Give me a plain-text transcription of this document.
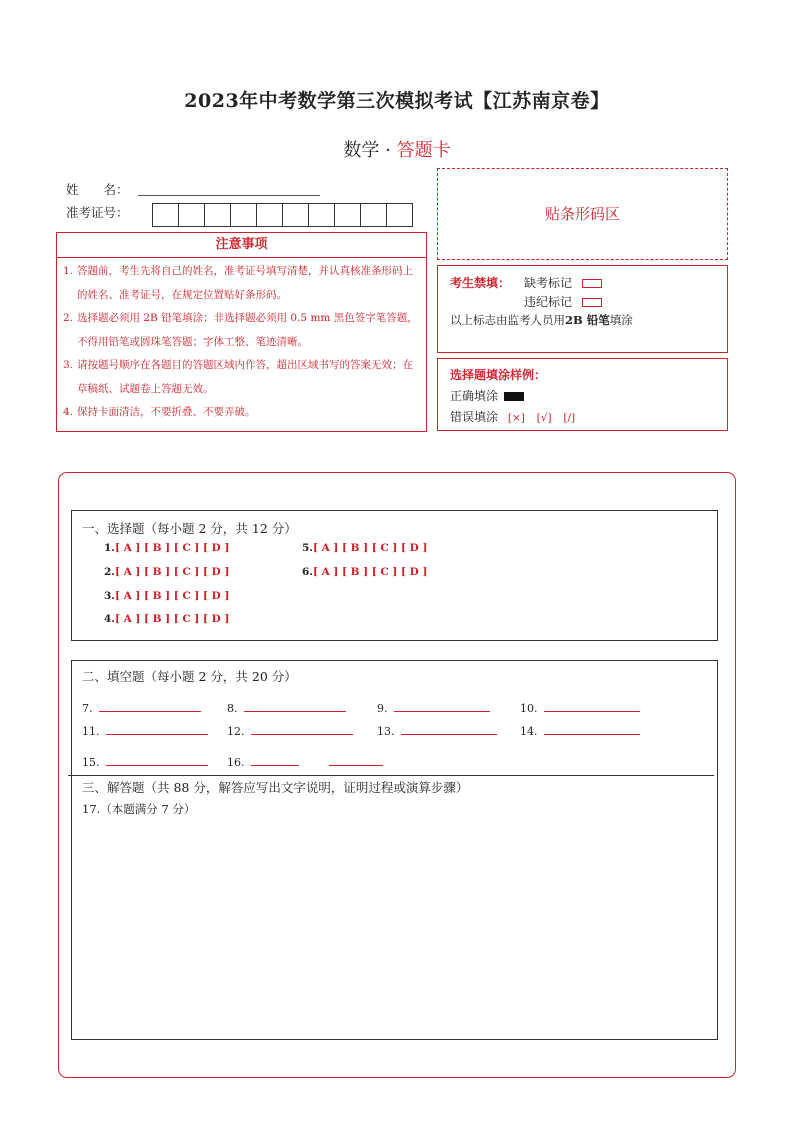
2023年中考数学第三次模拟考试【江苏南京卷】
数学 · 答题卡
姓　　名：
准考证号：	贴条形码区
注意事项
1. 答题前，考生先将自己的姓名，准考证号填写清楚，并认真核准条形码上的姓名、准考证号，在规定位置贴好条形码。
2. 选择题必须用 2B 铅笔填涂；非选择题必须用 0.5 mm 黑色签字笔答题，不得用铅笔或圆珠笔答题；字体工整、笔迹清晰。
3. 请按题号顺序在各题目的答题区域内作答，超出区域书写的答案无效；在草稿纸、试题卷上答题无效。
4. 保持卡面清洁，不要折叠、不要弄破。
考生禁填： 缺考标记
违纪标记
以上标志由监考人员用2B 铅笔填涂
选择题填涂样例：
正确填涂
错误填涂 [×] [√] [/]
一、选择题（每小题 2 分，共 12 分）
1.[ A ] [ B ] [ C ] [ D ]
2.[ A ] [ B ] [ C ] [ D ]
3.[ A ] [ B ] [ C ] [ D ]
4.[ A ] [ B ] [ C ] [ D ]
5.[ A ] [ B ] [ C ] [ D ]
6.[ A ] [ B ] [ C ] [ D ]
二、填空题（每小题 2 分，共 20 分）
7.	8.	9.	10.
11.	12.	13.	14.
15.	16.
三、解答题（共 88 分，解答应写出文字说明，证明过程或演算步骤）
17.（本题满分 7 分）
